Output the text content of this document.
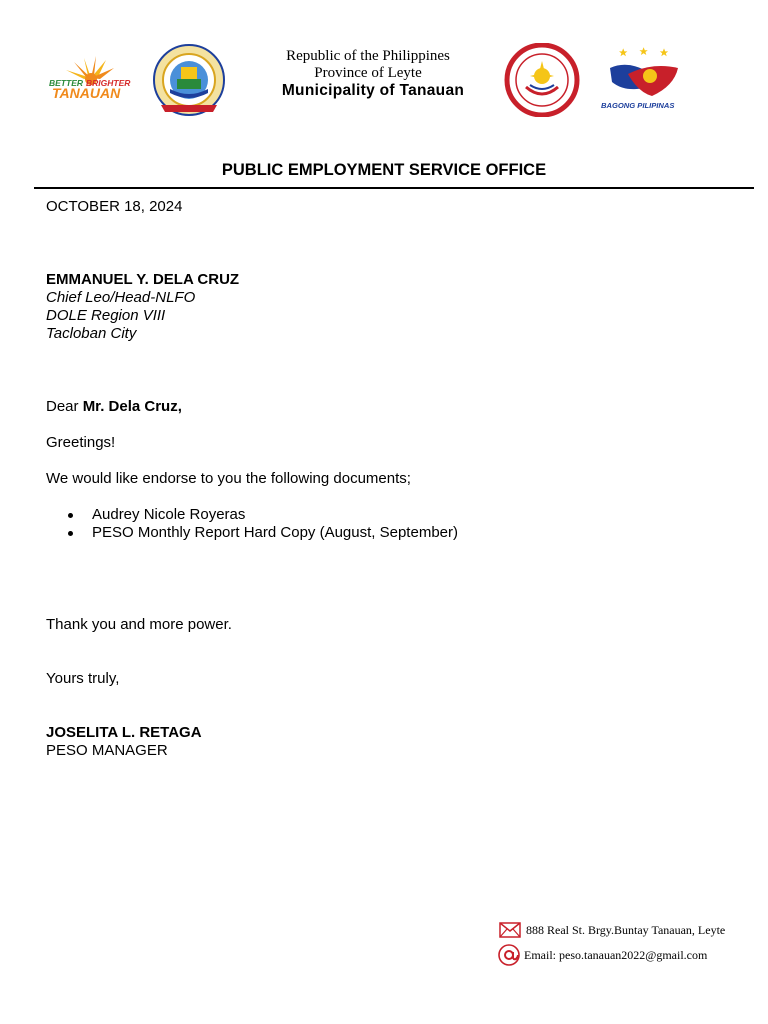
BETTER BRIGHTER
TANAUAN
Republic of the Philippines
Province of Leyte
Municipality of Tanauan
BAGONG PILIPINAS
PUBLIC EMPLOYMENT SERVICE OFFICE
OCTOBER 18, 2024
EMMANUEL Y. DELA CRUZ
Chief Leo/Head-NLFO
DOLE Region VIII
Tacloban City
Dear Mr. Dela Cruz,
Greetings!
We would like endorse to you the following documents;
Audrey Nicole Royeras
PESO Monthly Report Hard Copy (August, September)
Thank you and more power.
Yours truly,
JOSELITA L. RETAGA
PESO MANAGER
888 Real St. Brgy.Buntay Tanauan, Leyte
Email: peso.tanauan2022@gmail.com
